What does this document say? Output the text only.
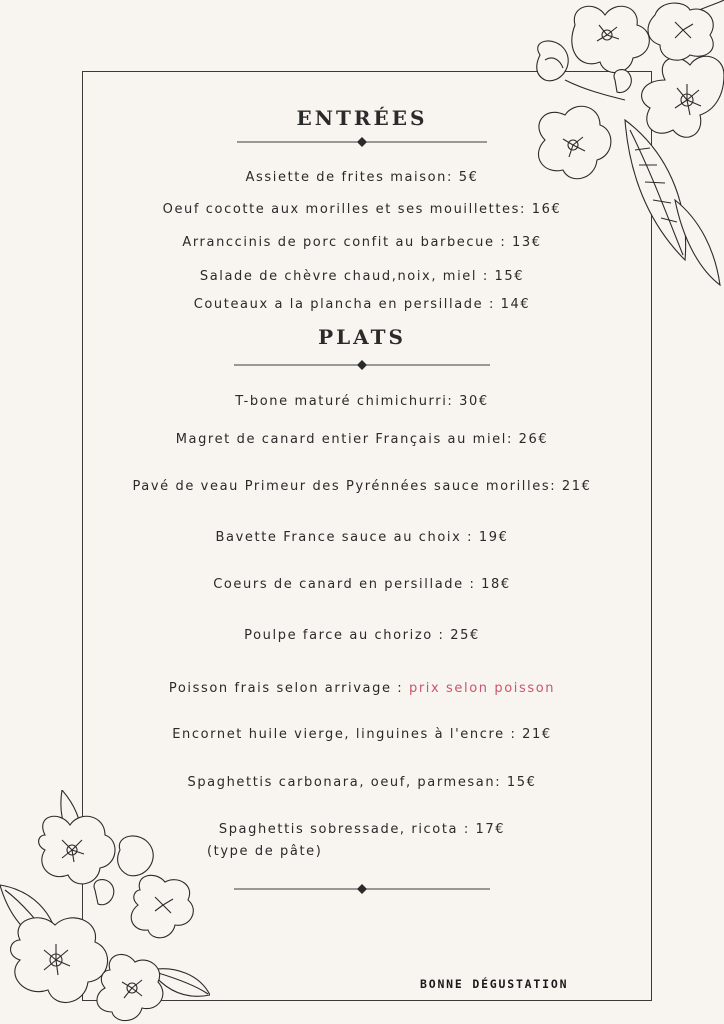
ENTRÉES
Assiette de frites maison: 5€
Oeuf cocotte aux morilles et ses mouillettes: 16€
Arranccinis de porc confit au barbecue : 13€
Salade de chèvre chaud,noix, miel : 15€
Couteaux a la plancha en persillade : 14€
PLATS
T-bone maturé chimichurri: 30€
Magret de canard entier Français au miel: 26€
Pavé de veau Primeur des Pyrénnées sauce morilles: 21€
Bavette France sauce au choix : 19€
Coeurs de canard en persillade : 18€
Poulpe farce au chorizo : 25€
Poisson frais selon arrivage : prix selon poisson
Encornet huile vierge, linguines à l'encre : 21€
Spaghettis carbonara, oeuf, parmesan: 15€
Spaghettis sobressade, ricota : 17€
(type de pâte)
BONNE DÉGUSTATION
